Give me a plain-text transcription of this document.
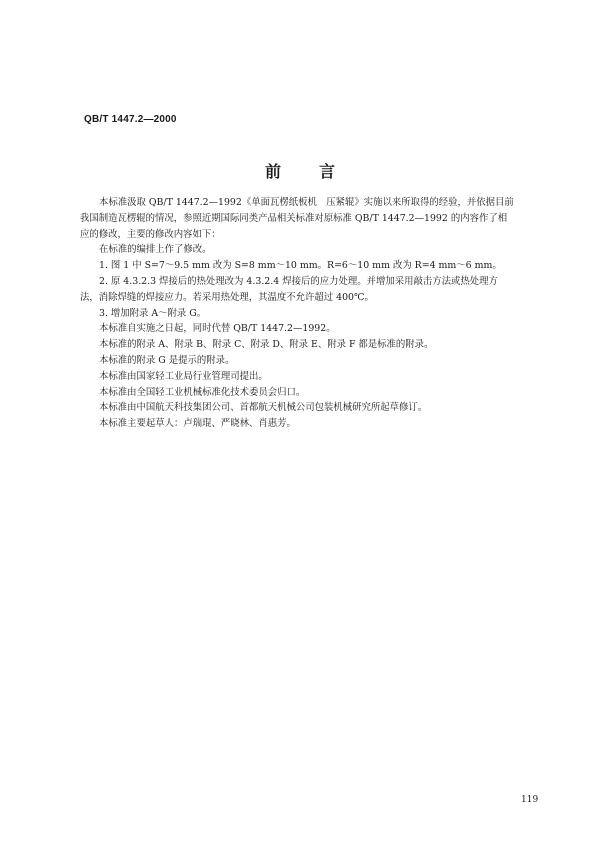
QB/T 1447.2—2000
前言

本标准汲取 QB/T 1447.2—1992《单面瓦楞纸板机　压紧辊》实施以来所取得的经验，并依据目前
我国制造瓦楞辊的情况，参照近期国际同类产品相关标准对原标准 QB/T 1447.2—1992 的内容作了相
应的修改，主要的修改内容如下：

在标准的编排上作了修改。

1. 图 1 中 S=7～9.5 mm 改为 S=8 mm～10 mm。R=6～10 mm 改为 R=4 mm～6 mm。

2. 原 4.3.2.3 焊接后的热处理改为 4.3.2.4 焊接后的应力处理。并增加采用敲击方法或热处理方
法，消除焊缝的焊接应力。若采用热处理，其温度不允许超过 400℃。

3. 增加附录 A～附录 G。

本标准自实施之日起，同时代替 QB/T 1447.2—1992。

本标准的附录 A、附录 B、附录 C、附录 D、附录 E、附录 F 都是标准的附录。

本标准的附录 G 是提示的附录。

本标准由国家轻工业局行业管理司提出。

本标准由全国轻工业机械标准化技术委员会归口。

本标准由中国航天科技集团公司、首都航天机械公司包装机械研究所起草修订。

本标准主要起草人：卢瑞琨、严晓林、肖惠芳。

119
